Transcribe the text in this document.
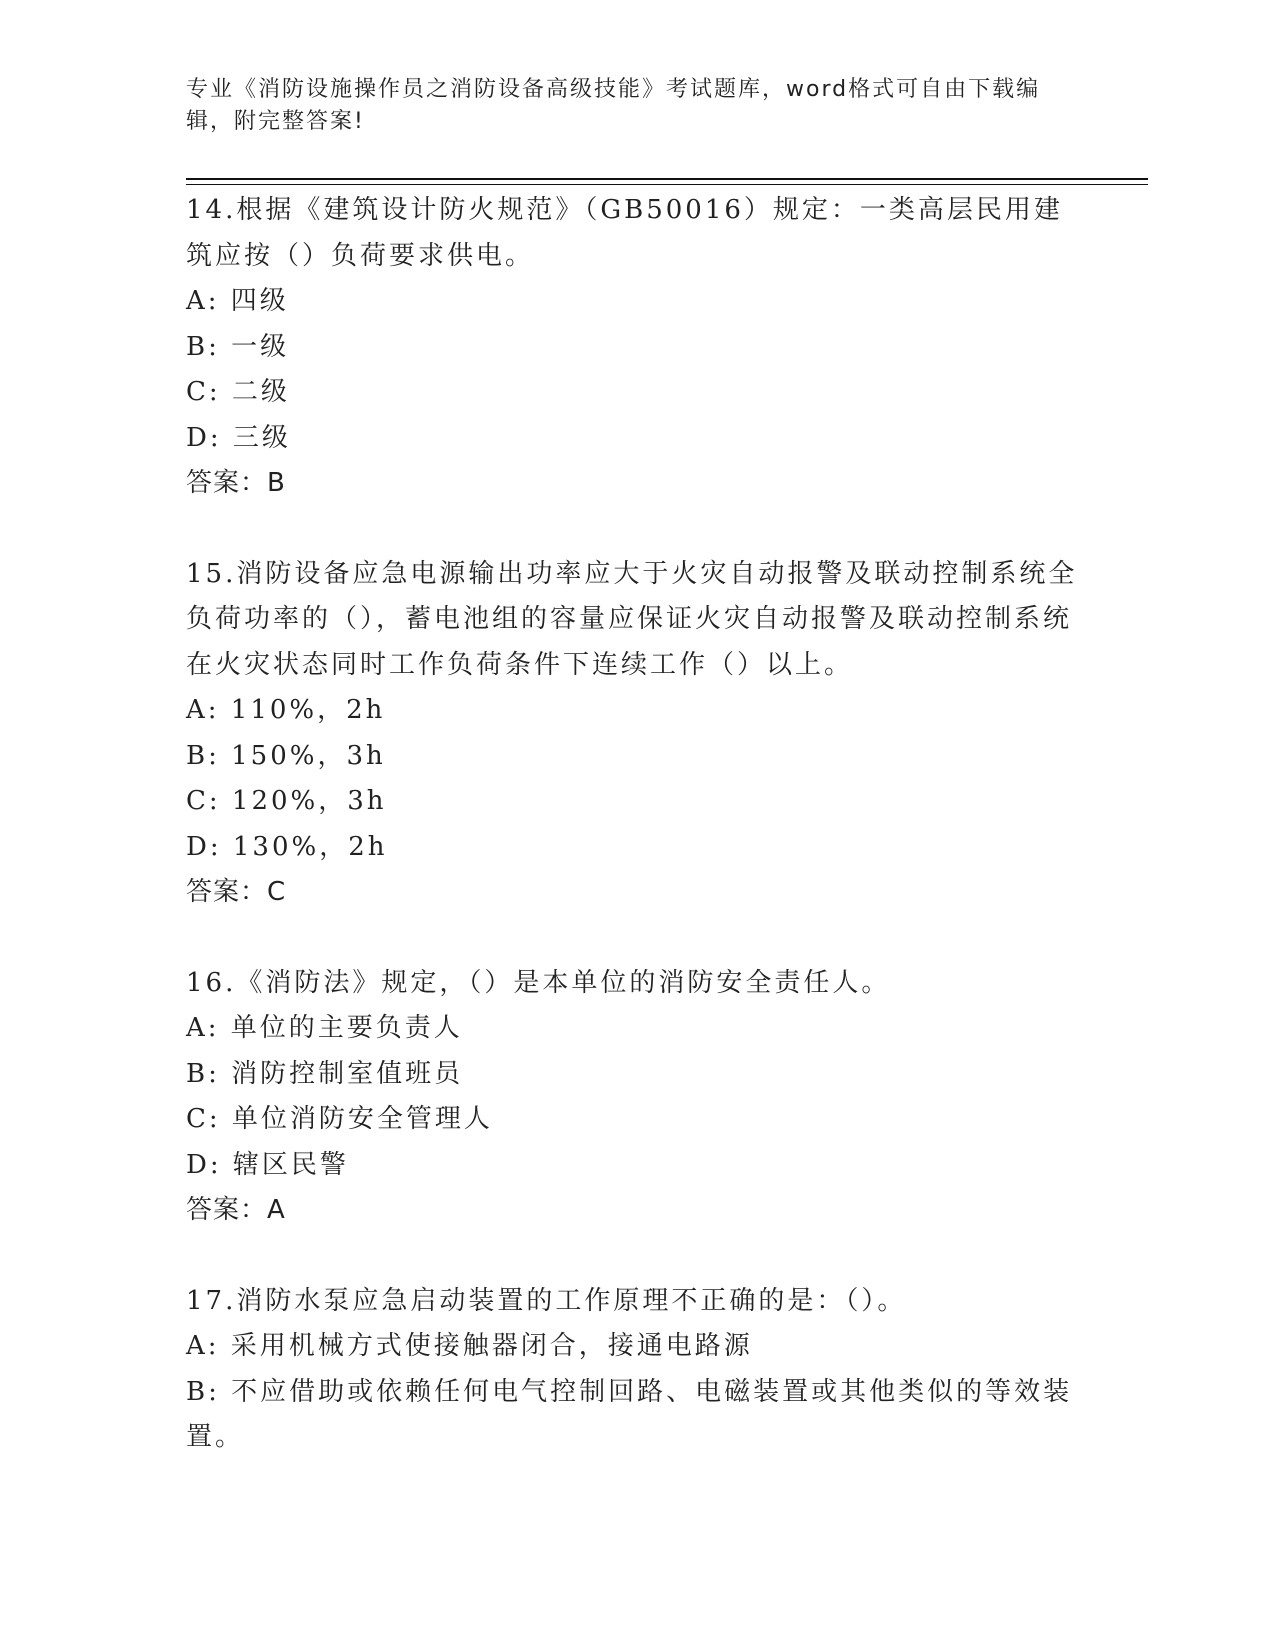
专业《消防设施操作员之消防设备高级技能》考试题库，word格式可自由下载编辑，附完整答案!
14.根据《建筑设计防火规范》（GB50016）规定：一类高层民用建筑应按（）负荷要求供电。
A: 四级
B: 一级
C: 二级
D: 三级
答案：B
15.消防设备应急电源输出功率应大于火灾自动报警及联动控制系统全负荷功率的（），蓄电池组的容量应保证火灾自动报警及联动控制系统在火灾状态同时工作负荷条件下连续工作（）以上。
A: 110%，2h
B: 150%，3h
C: 120%，3h
D: 130%，2h
答案：C
16.《消防法》规定，（）是本单位的消防安全责任人。
A: 单位的主要负责人
B: 消防控制室值班员
C: 单位消防安全管理人
D: 辖区民警
答案：A
17.消防水泵应急启动装置的工作原理不正确的是：（）。
A: 采用机械方式使接触器闭合，接通电路源
B: 不应借助或依赖任何电气控制回路、电磁装置或其他类似的等效装置。
